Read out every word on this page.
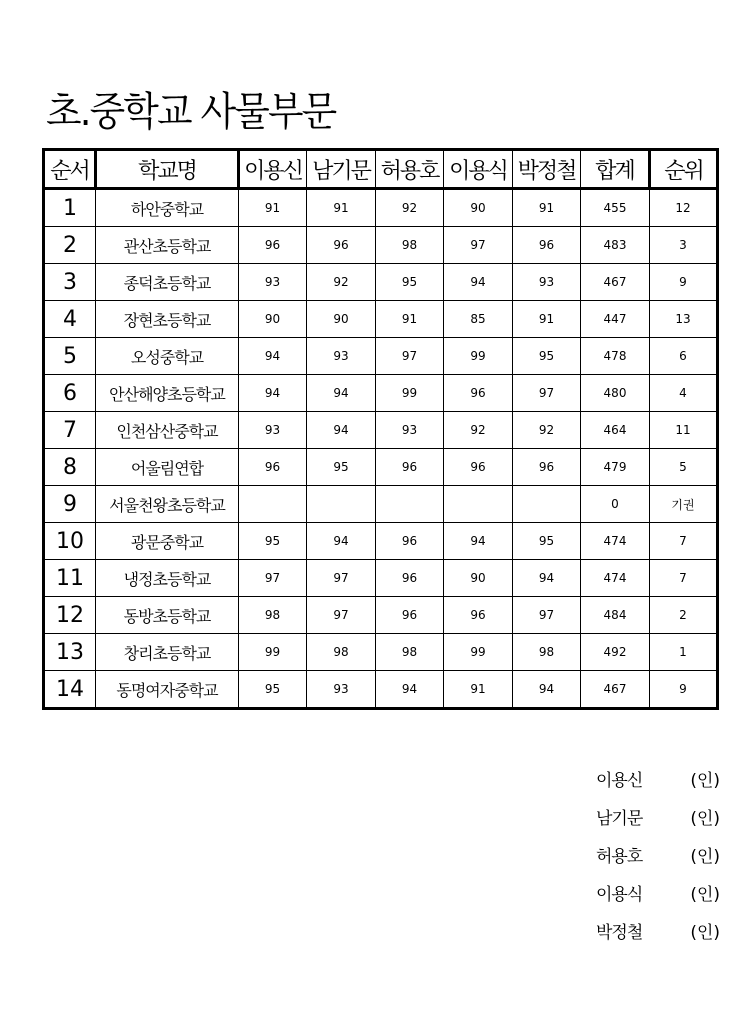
초.중학교 사물부문
순서	학교명	이용신	남기문	허용호	이용식	박정철	합계	순위
1	하안중학교	91	91	92	90	91	455	12
2	관산초등학교	96	96	98	97	96	483	3
3	종덕초등학교	93	92	95	94	93	467	9
4	장현초등학교	90	90	91	85	91	447	13
5	오성중학교	94	93	97	99	95	478	6
6	안산해양초등학교	94	94	99	96	97	480	4
7	인천삼산중학교	93	94	93	92	92	464	11
8	어울림연합	96	95	96	96	96	479	5
9	서울천왕초등학교						0	기권
10	광문중학교	95	94	96	94	95	474	7
11	냉정초등학교	97	97	96	90	94	474	7
12	동방초등학교	98	97	96	96	97	484	2
13	창리초등학교	99	98	98	99	98	492	1
14	동명여자중학교	95	93	94	91	94	467	9
이용신	(인)
남기문	(인)
허용호	(인)
이용식	(인)
박정철	(인)
